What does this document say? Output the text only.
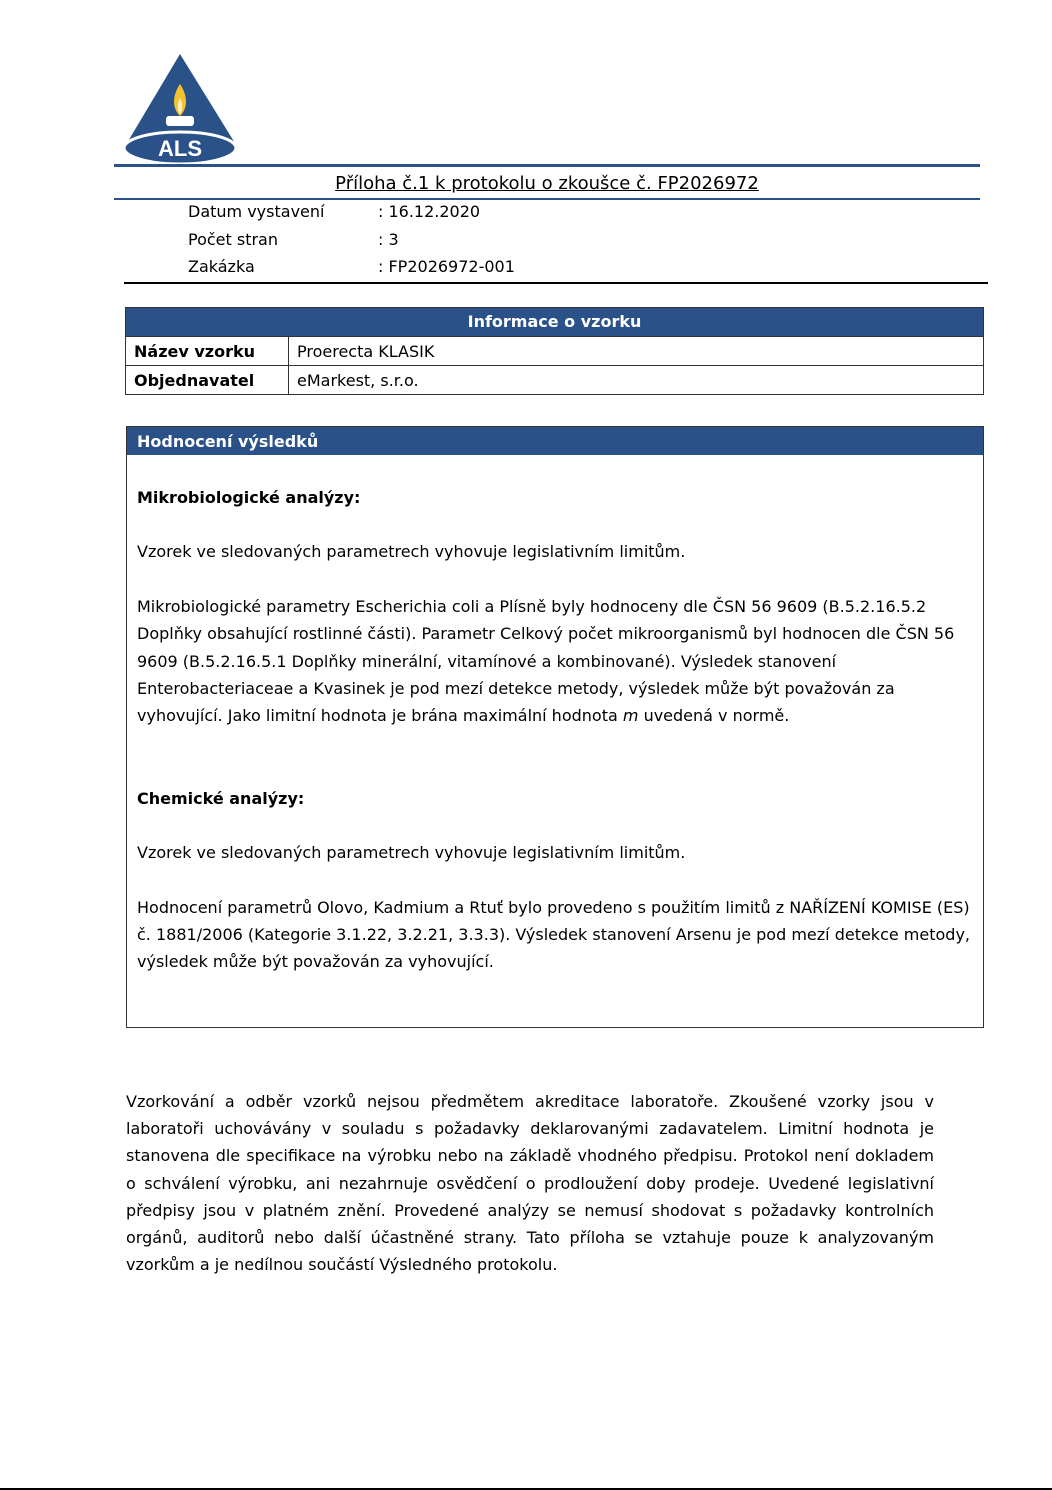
ALS
Příloha č.1 k protokolu o zkoušce č. FP2026972
Datum vystavení	: 16.12.2020
Počet stran	: 3
Zakázka	: FP2026972-001
Informace o vzorku	
Název vzorku	Proerecta KLASIK
Objednavatel	eMarkest, s.r.o.
Hodnocení výsledků

Mikrobiologické analýzy:

Vzorek ve sledovaných parametrech vyhovuje legislativním limitům.

Mikrobiologické parametry Escherichia coli a Plísně byly hodnoceny dle ČSN 56 9609 (B.5.2.16.5.2 Doplňky obsahující rostlinné části). Parametr Celkový počet mikroorganismů byl hodnocen dle ČSN 56 9609 (B.5.2.16.5.1 Doplňky minerální, vitamínové a kombinované). Výsledek stanovení Enterobacteriaceae a Kvasinek je pod mezí detekce metody, výsledek může být považován za vyhovující. Jako limitní hodnota je brána maximální hodnota m uvedená v normě.

Chemické analýzy:

Vzorek ve sledovaných parametrech vyhovuje legislativním limitům.

Hodnocení parametrů Olovo, Kadmium a Rtuť bylo provedeno s použitím limitů z NAŘÍZENÍ KOMISE (ES) č. 1881/2006 (Kategorie 3.1.22, 3.2.21, 3.3.3). Výsledek stanovení Arsenu je pod mezí detekce metody, výsledek může být považován za vyhovující.

Vzorkování a odběr vzorků nejsou předmětem akreditace laboratoře. Zkoušené vzorky jsou v laboratoři uchovávány v souladu s požadavky deklarovanými zadavatelem. Limitní hodnota je stanovena dle specifikace na výrobku nebo na základě vhodného předpisu. Protokol není dokladem o schválení výrobku, ani nezahrnuje osvědčení o prodloužení doby prodeje. Uvedené legislativní předpisy jsou v platném znění. Provedené analýzy se nemusí shodovat s požadavky kontrolních orgánů, auditorů nebo další účastněné strany. Tato příloha se vztahuje pouze k analyzovaným vzorkům a je nedílnou součástí Výsledného protokolu.
